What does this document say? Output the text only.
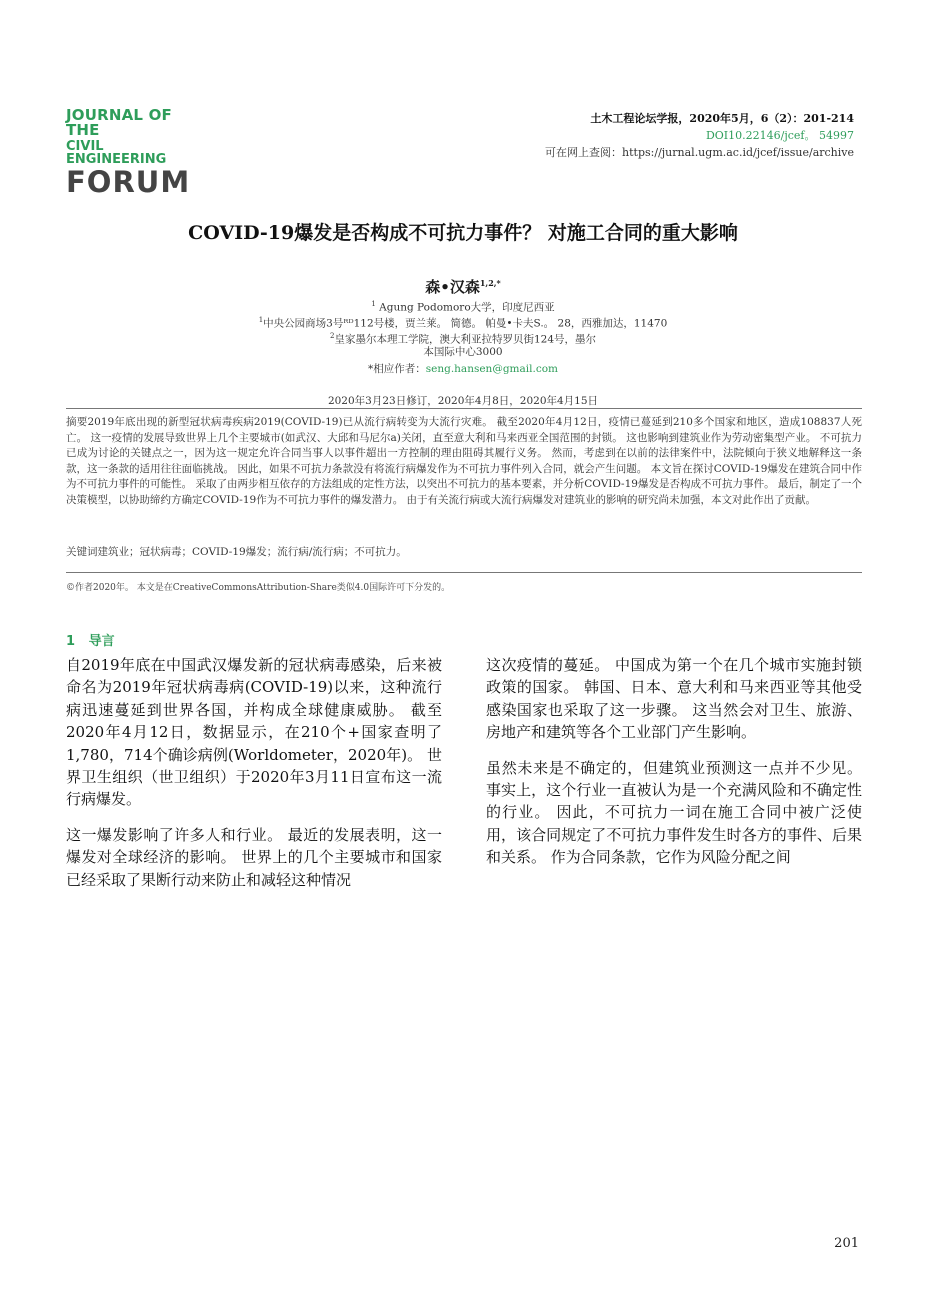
JOURNAL OF THE
CIVIL ENGINEERING
FORUM
土木工程论坛学报，2020年5月，6（2）：201-214
DOI10.22146/jcef。 54997
可在网上查阅：https://jurnal.ugm.ac.id/jcef/issue/archive
COVID-19爆发是否构成不可抗力事件？ 对施工合同的重大影响
森•汉森$^{1,2,*}$
$^1$ Agung Podomoro大学，印度尼西亚
$^1$中央公园商场3号ᴿᴰ112号楼，贾兰莱。 简德。 帕曼•卡夫S.。 28，西雅加达，11470
$^2$皇家墨尔本理工学院，澳大利亚拉特罗贝街124号，墨尔
本国际中心3000
*相应作者：seng.hansen@gmail.com
2020年3月23日修订，2020年4月8日，2020年4月15日
摘要2019年底出现的新型冠状病毒疾病2019(COVID-19)已从流行病转变为大流行灾难。 截至2020年4月12日，疫情已蔓延到210多个国家和地区，造成108837人死亡。 这一疫情的发展导致世界上几个主要城市(如武汉、大邱和马尼尔a)关闭，直至意大利和马来西亚全国范围的封锁。 这也影响到建筑业作为劳动密集型产业。 不可抗力已成为讨论的关键点之一，因为这一规定允许合同当事人以事件超出一方控制的理由阻碍其履行义务。 然而，考虑到在以前的法律案件中，法院倾向于狭义地解释这一条款，这一条款的适用往往面临挑战。 因此，如果不可抗力条款没有将流行病爆发作为不可抗力事件列入合同，就会产生问题。 本文旨在探讨COVID-19爆发在建筑合同中作为不可抗力事件的可能性。 采取了由两步相互依存的方法组成的定性方法，以突出不可抗力的基本要素，并分析COVID-19爆发是否构成不可抗力事件。 最后，制定了一个决策模型，以协助缔约方确定COVID-19作为不可抗力事件的爆发潜力。 由于有关流行病或大流行病爆发对建筑业的影响的研究尚未加强，本文对此作出了贡献。
关键词建筑业；冠状病毒；COVID-19爆发；流行病/流行病；不可抗力。
©作者2020年。 本文是在CreativeCommonsAttribution-Share类似4.0国际许可下分发的。
1 导言

自2019年底在中国武汉爆发新的冠状病毒感染，后来被命名为2019年冠状病毒病(COVID-19)以来，这种流行病迅速蔓延到世界各国，并构成全球健康威胁。 截至2020年4月12日，数据显示，在210个+国家查明了1,780，714个确诊病例(Worldometer，2020年)。 世界卫生组织（世卫组织）于2020年3月11日宣布这一流行病爆发。

这一爆发影响了许多人和行业。 最近的发展表明，这一爆发对全球经济的影响。 世界上的几个主要城市和国家已经采取了果断行动来防止和减轻这种情况

这次疫情的蔓延。 中国成为第一个在几个城市实施封锁政策的国家。 韩国、日本、意大利和马来西亚等其他受感染国家也采取了这一步骤。 这当然会对卫生、旅游、房地产和建筑等各个工业部门产生影响。

虽然未来是不确定的，但建筑业预测这一点并不少见。 事实上，这个行业一直被认为是一个充满风险和不确定性的行业。 因此，不可抗力一词在施工合同中被广泛使用，该合同规定了不可抗力事件发生时各方的事件、后果和关系。 作为合同条款，它作为风险分配之间

201
